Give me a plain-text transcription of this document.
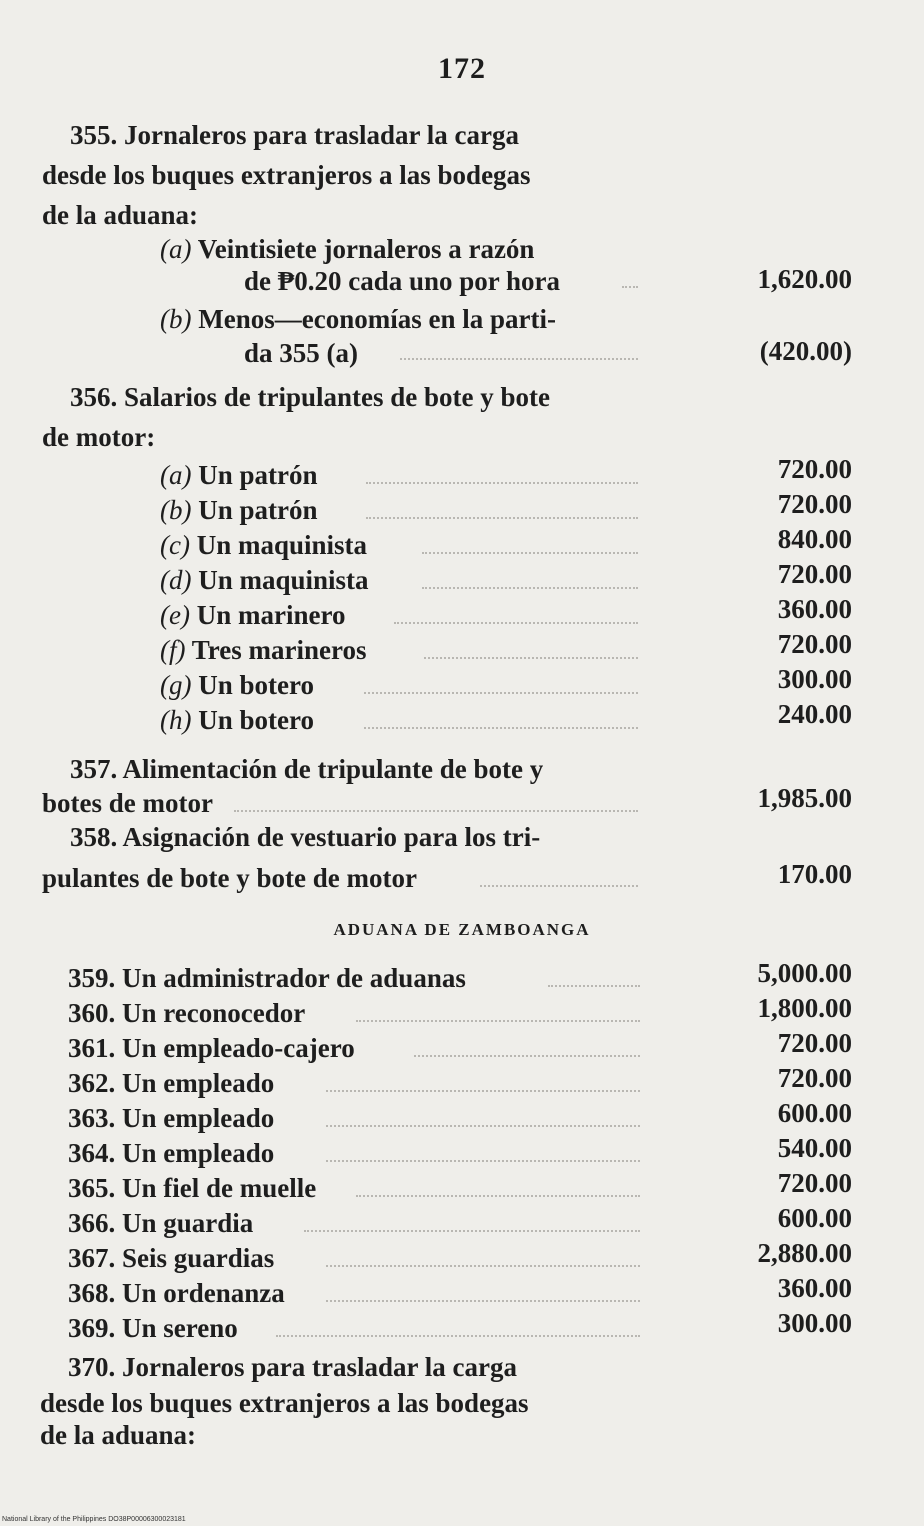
172
355. Jornaleros para trasladar la carga
desde los buques extranjeros a las bodegas
de la aduana:
(a) Veintisiete jornaleros a razón
de ₱0.20 cada uno por hora	1,620.00
(b) Menos—economías en la parti-
da 355 (a)	(420.00)
356. Salarios de tripulantes de bote y bote
de motor:
(a) Un patrón	720.00
(b) Un patrón	720.00
(c) Un maquinista	840.00
(d) Un maquinista	720.00
(e) Un marinero	360.00
(f) Tres marineros	720.00
(g) Un botero	300.00
(h) Un botero	240.00
357. Alimentación de tripulante de bote y
botes de motor	1,985.00
358. Asignación de vestuario para los tri-
pulantes de bote y bote de motor	170.00
ADUANA DE ZAMBOANGA
359. Un administrador de aduanas	5,000.00
360. Un reconocedor	1,800.00
361. Un empleado-cajero	720.00
362. Un empleado	720.00
363. Un empleado	600.00
364. Un empleado	540.00
365. Un fiel de muelle	720.00
366. Un guardia	600.00
367. Seis guardias	2,880.00
368. Un ordenanza	360.00
369. Un sereno	300.00
370. Jornaleros para trasladar la carga
desde los buques extranjeros a las bodegas
de la aduana:
National Library of the Philippines DO38P00006300023181
